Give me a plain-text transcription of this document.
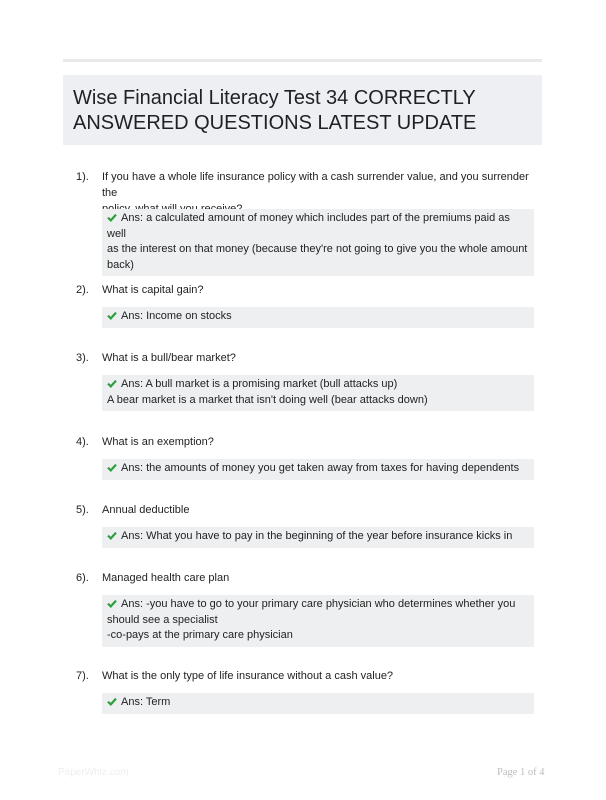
Wise Financial Literacy Test 34 CORRECTLY
ANSWERED QUESTIONS LATEST UPDATE
1). If you have a whole life insurance policy with a cash surrender value, and you surrender the
Ans: a calculated amount of money which includes part of the premiums paid as well
as the interest on that money (because they're not going to give you the whole amount
back)
2). What is capital gain?
Ans: Income on stocks
3). What is a bull/bear market?
Ans: A bull market is a promising market (bull attacks up)
A bear market is a market that isn't doing well (bear attacks down)
4). What is an exemption?
Ans: the amounts of money you get taken away from taxes for having dependents
5). Annual deductible
Ans: What you have to pay in the beginning of the year before insurance kicks in
6). Managed health care plan
Ans: -you have to go to your primary care physician who determines whether you
should see a specialist
-co-pays at the primary care physician
7). What is the only type of life insurance without a cash value?
Ans: Term
PaperWhiz.com	Page 1 of 4
